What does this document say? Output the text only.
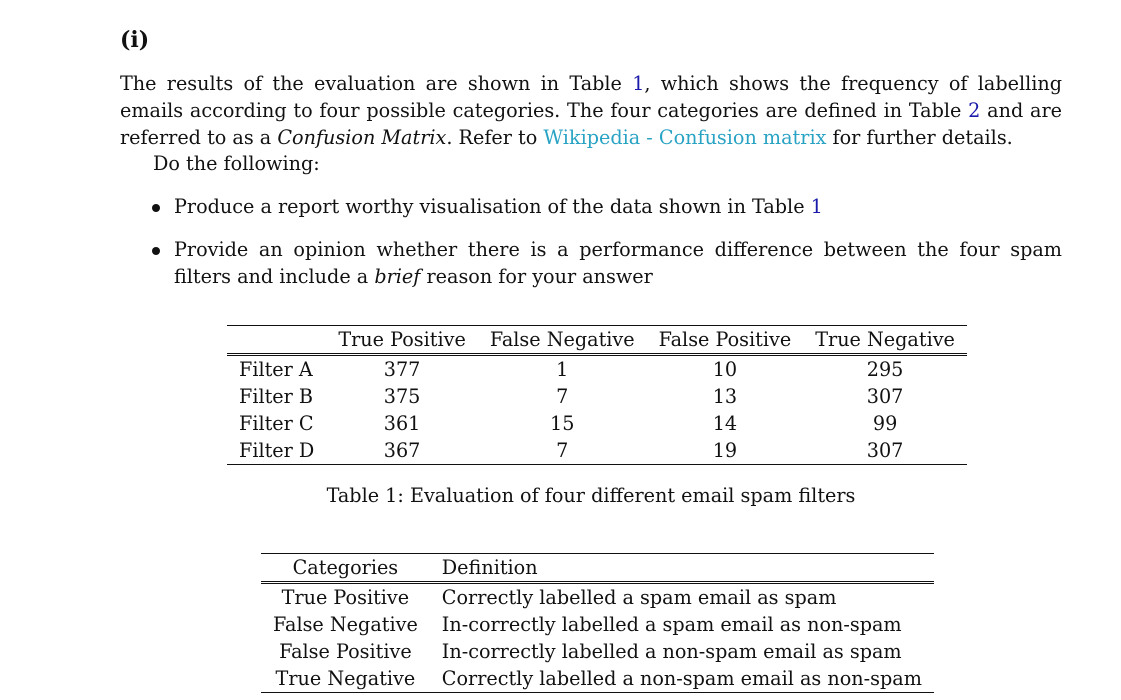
(i)
The results of the evaluation are shown in Table 1, which shows the frequency of labelling emails according to four possible categories. The four categories are defined in Table 2 and are referred to as a Confusion Matrix. Refer to Wikipedia - Confusion matrix for further details.
Do the following:
Produce a report worthy visualisation of the data shown in Table 1
Provide an opinion whether there is a performance difference between the four spam filters and include a brief reason for your answer
	True Positive	False Negative	False Positive	True Negative
Filter A	377	1	10	295
Filter B	375	7	13	307
Filter C	361	15	14	99
Filter D	367	7	19	307
Table 1: Evaluation of four different email spam filters
Categories	Definition
True Positive	Correctly labelled a spam email as spam
False Negative	In-correctly labelled a spam email as non-spam
False Positive	In-correctly labelled a non-spam email as spam
True Negative	Correctly labelled a non-spam email as non-spam
